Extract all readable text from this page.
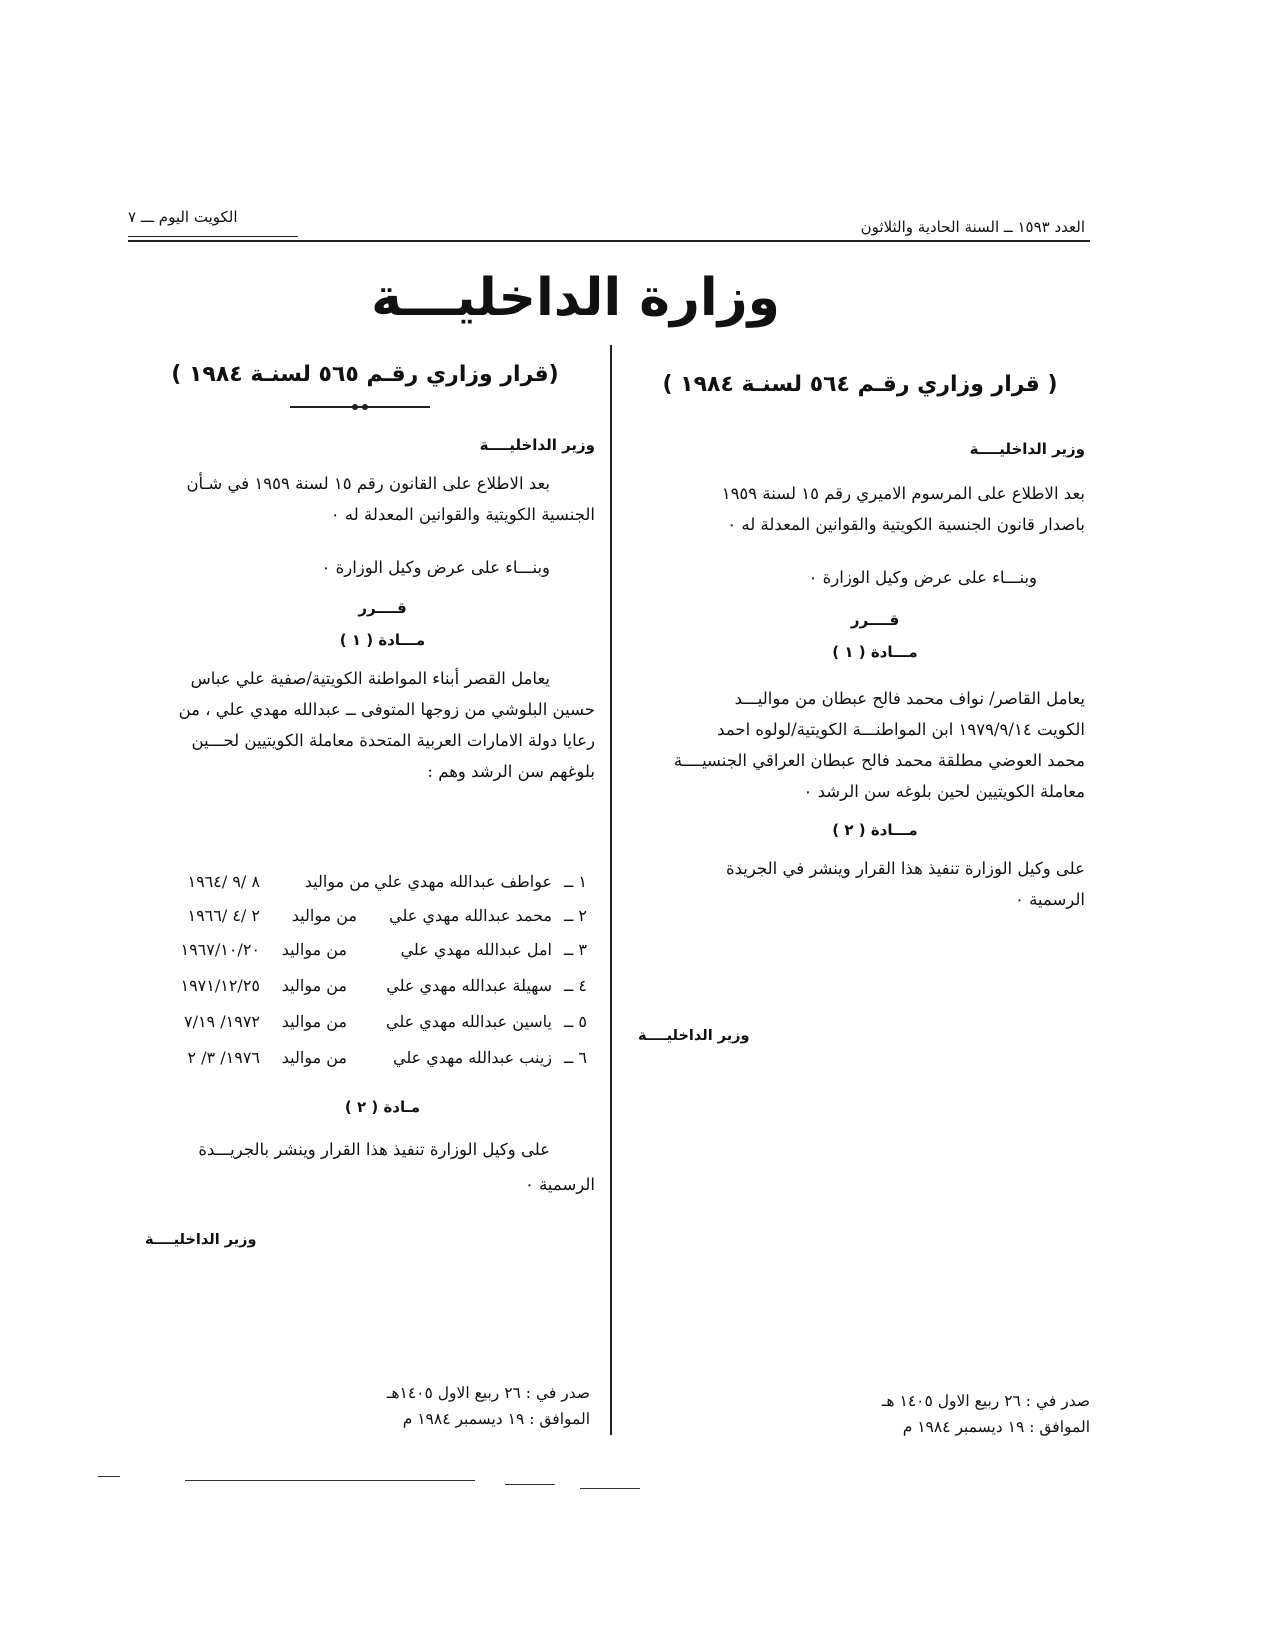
العدد ١٥٩٣ ــ السنة الحادية والثلاثون
الكويت اليوم ـــ ٧
وزارة الداخليـــة
( قرار وزاري رقـم ٥٦٤ لسنـة ١٩٨٤ )
وزير الداخليــــة
بعد الاطلاع على المرسوم الاميري رقم ١٥ لسنة ١٩٥٩
باصدار قانون الجنسية الكويتية والقوانين المعدلة له ٠
وبنـــاء على عرض وكيل الوزارة ٠
قــــرر
مـــادة ( ١ )
يعامل القاصر/ نواف محمد فالح عبطان من مواليـــد
الكويت ١٩٧٩/٩/١٤ ابن المواطنـــة الكويتية/لولوه احمد
محمد العوضي مطلقة محمد فالح عبطان العراقي الجنسيــــة
معاملة الكويتيين لحين بلوغه سن الرشد ٠
مـــادة ( ٢ )
على وكيل الوزارة تنفيذ هذا القرار وينشر في الجريدة
الرسمية ٠
وزير الداخليــــة
صدر في : ٢٦ ربيع الاول ١٤٠٥ هـ
الموافق : ١٩ ديسمبر ١٩٨٤ م
(قرار وزاري رقـم ٥٦٥ لسنـة ١٩٨٤ )
وزير الداخليــــة
بعد الاطلاع على القانون رقم ١٥ لسنة ١٩٥٩ في شـأن
الجنسية الكويتية والقوانين المعدلة له ٠
وبنـــاء على عرض وكيل الوزارة ٠
قــــرر
مـــادة ( ١ )
يعامل القصر أبناء المواطنة الكويتية/صفية علي عباس
حسين البلوشي من زوجها المتوفى ــ عبدالله مهدي علي ، من
رعايا دولة الامارات العربية المتحدة معاملة الكويتيين لحـــين
بلوغهم سن الرشد وهم :
١ ــ
عواطف عبدالله مهدي علي
من مواليد
٨ /٩ /١٩٦٤
٢ ــ
محمد عبدالله مهدي علي
من مواليد
٢ /٤ /١٩٦٦
٣ ــ
امل عبدالله مهدي علي
من مواليد
١٩٦٧/١٠/٢٠
٤ ــ
سهيلة عبدالله مهدي علي
من مواليد
١٩٧١/١٢/٢٥
٥ ــ
ياسين عبدالله مهدي علي
من مواليد
١٩٧٢/ ٧/١٩
٦ ــ
زينب عبدالله مهدي علي
من مواليد
١٩٧٦/ ٣/ ٢
مـادة ( ٢ )
على وكيل الوزارة تنفيذ هذا القرار وينشر بالجريـــدة
الرسمية ٠
وزير الداخليــــة
صدر في : ٢٦ ربيع الاول ١٤٠٥هـ
الموافق : ١٩ ديسمبر ١٩٨٤ م
